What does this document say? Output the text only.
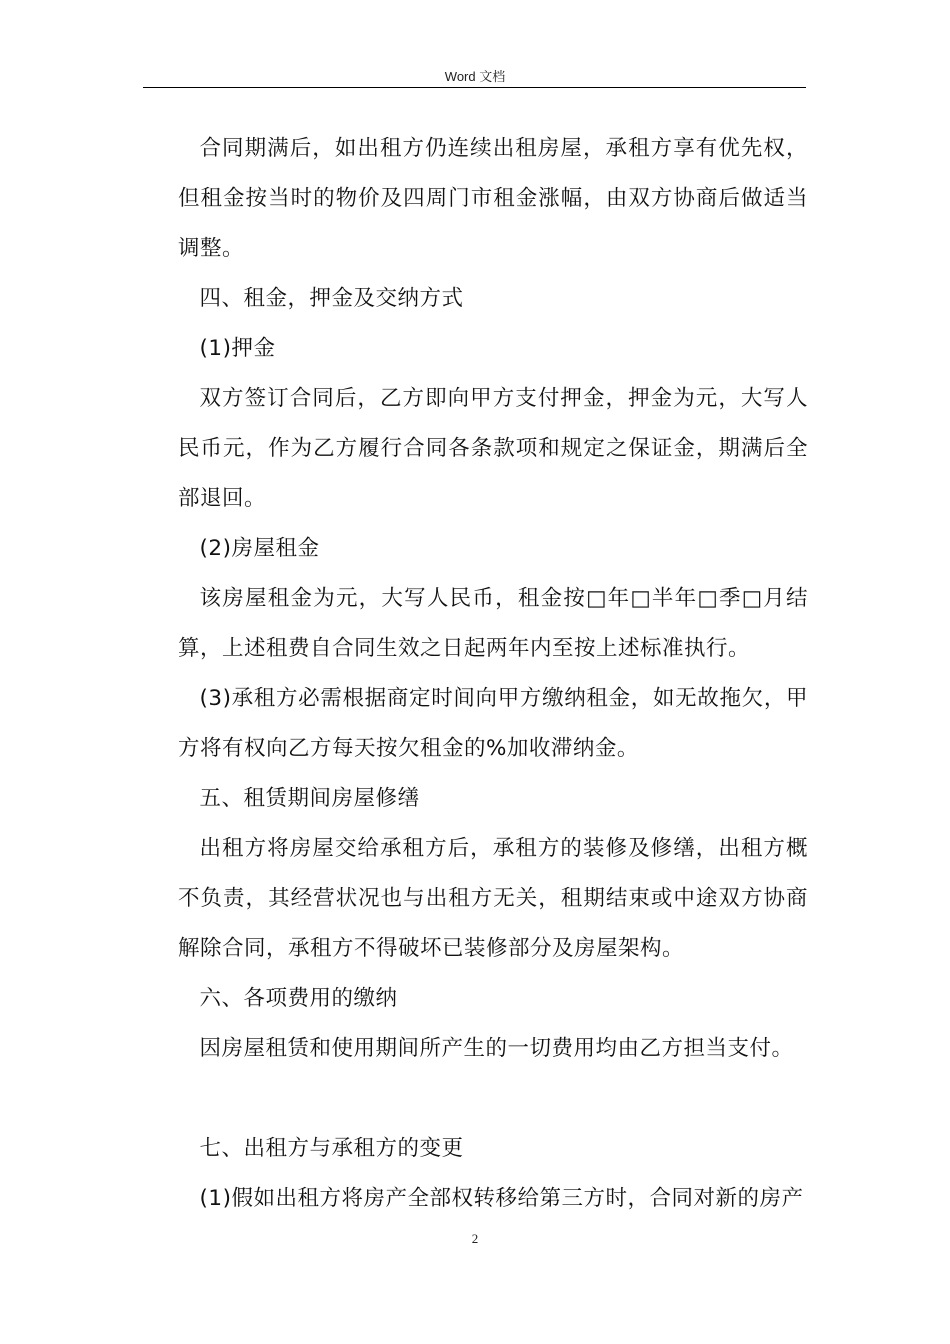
Word 文档

合同期满后，如出租方仍连续出租房屋，承租方享有优先权，但租金按当时的物价及四周门市租金涨幅，由双方协商后做适当调整。

四、租金，押金及交纳方式

(1)押金

双方签订合同后，乙方即向甲方支付押金，押金为元，大写人民币元，作为乙方履行合同各条款项和规定之保证金，期满后全部退回。

(2)房屋租金

该房屋租金为元，大写人民币，租金按□年□半年□季□月结算，上述租费自合同生效之日起两年内至按上述标准执行。

(3)承租方必需根据商定时间向甲方缴纳租金，如无故拖欠，甲方将有权向乙方每天按欠租金的%加收滞纳金。

五、租赁期间房屋修缮

出租方将房屋交给承租方后，承租方的装修及修缮，出租方概不负责，其经营状况也与出租方无关，租期结束或中途双方协商解除合同，承租方不得破坏已装修部分及房屋架构。

六、各项费用的缴纳

因房屋租赁和使用期间所产生的一切费用均由乙方担当支付。

七、出租方与承租方的变更

(1)假如出租方将房产全部权转移给第三方时，合同对新的房产

2
